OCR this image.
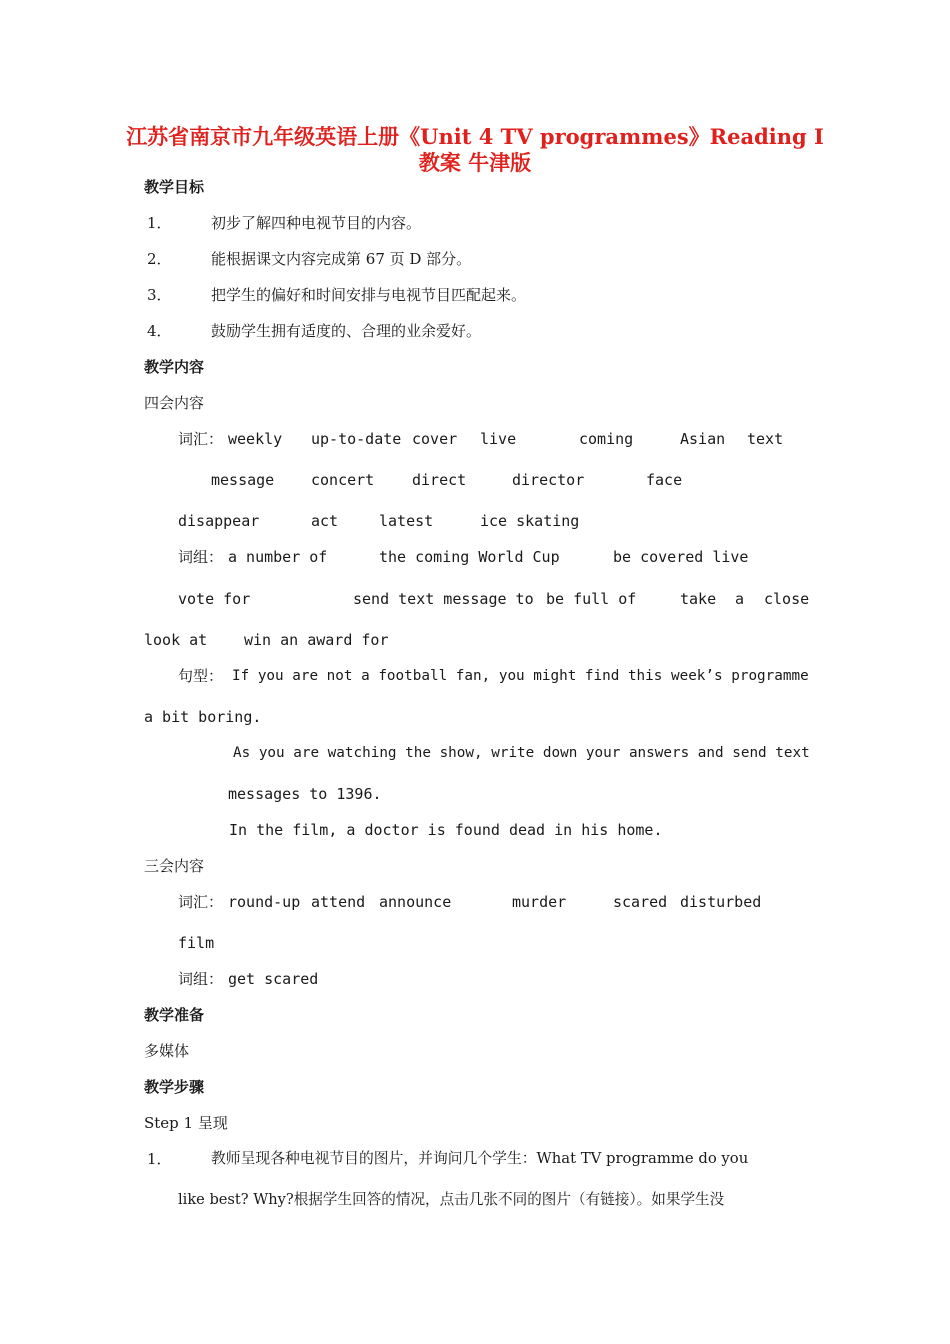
江苏省南京市九年级英语上册《Unit 4 TV programmes》Reading Ⅰ
教案 牛津版
教学目标
1．	初步了解四种电视节目的内容。
2．	能根据课文内容完成第 67 页 D 部分。
3．	把学生的偏好和时间安排与电视节目匹配起来。
4．	鼓励学生拥有适度的、合理的业余爱好。
教学内容
四会内容
词汇： weekly up-to-date cover live	coming	Asian text
message concert	direct	director	face
disappear	act	latest	ice skating
词组： a number of	the coming World Cup	be covered live
vote for	send text message to be full of	take a close
look at win an award for
句型： If you are not a football fan, you might find this week’s programme
a bit boring.
As you are watching the show, write down your answers and send text
messages to 1396.
In the film, a doctor is found dead in his home.
三会内容
词汇： round-up attend announce	murder	scared disturbed
film
词组： get scared
教学准备
多媒体
教学步骤
Step 1 呈现
1．	教师呈现各种电视节目的图片，并询问几个学生：What TV programme do you
like best? Why?根据学生回答的情况，点击几张不同的图片（有链接）。如果学生没
